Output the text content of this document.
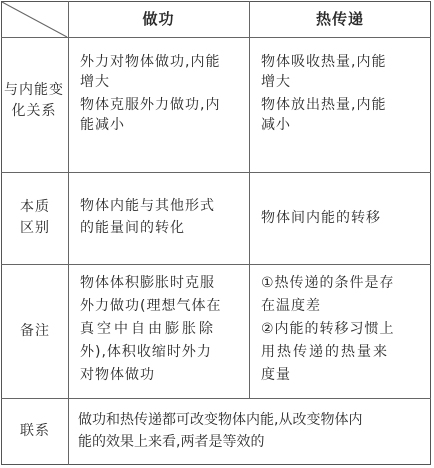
做功	热传递
与内能变
化关系
外力对物体做功,内能
增大
物体克服外力做功,内
能减小
物体吸收热量,内能
增大
物体放出热量,内能
减小
本质
区别
物体内能与其他形式
的能量间的转化
物体间内能的转移
备注
物体体积膨胀时克服
外力做功(理想气体在
真空中自由膨胀除
外),体积收缩时外力
对物体做功
①热传递的条件是存
在温度差
②内能的转移习惯上
用热传递的热量来
度量
联系
做功和热传递都可改变物体内能,从改变物体内
能的效果上来看,两者是等效的
